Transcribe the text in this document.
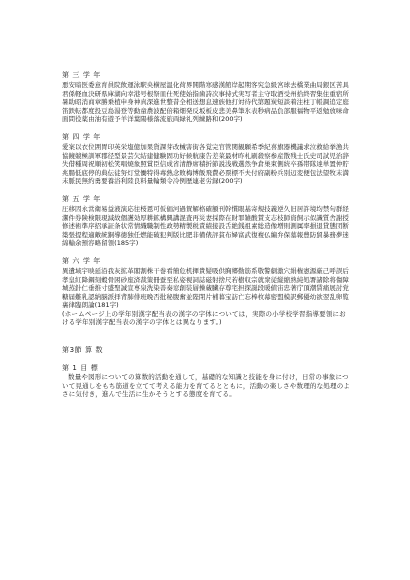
第 三 学 年

悪安暗医委意育員院飲運泳駅央横屋温化荷界開階寒感漢館岸起期客究急級宮球去橋業曲局銀区苦具君係軽血決研県庫湖向幸港号根祭皿仕死使始指歯詩次事持式実写者主守取酒受州拾終習集住重宿所暑助昭消商章勝乗植申身神真深進世整昔全相送想息速族他打対待代第題炭短談着注柱丁帳調追定庭笛鉄転都度投豆島湯登等動童農波配倍箱畑発反坂板皮悲美鼻筆氷表秒病品負部服福物平返勉放味命面問役薬由油有遊予羊洋葉陽様落流旅両緑礼列練路和(200字)

第 四 学 年

愛案以衣位囲胃印英栄塩億加果貨課芽改械害街各覚完官管関観願希季紀喜旗器機議求泣救給挙漁共協鏡競極訓軍郡径型景芸欠結建健験固功好候航康告差菜最材昨札刷殺察参産散残士氏史司試児治辞失借種周祝順初松笑唱焼象照賞臣信成省清静席積折節説浅戦選然争倉巣束側続卒孫帯隊達単置仲貯兆腸低底停的典伝徒努灯堂働特得毒熱念敗梅博飯飛費必票標不夫付府副粉兵別辺変便包法望牧末満未脈民無約勇要養浴利陸良料量輪類令冷例歴連老労録(200字)

第 五 学 年

圧移因永営衛易益液演応往桜恩可仮価河過賀解格確額刊幹慣眼基寄規技義逆久旧居許境均禁句群経潔件券険検限現減故個護効厚耕鉱構興講混査再災妻採際在財罪雑酸賛支志枝師資飼示似識質舎謝授修述術準序招承証条状常情織職制性政勢精製税責績接設舌絶銭祖素総造像増則測属率損退貸態団断築張提程適敵統銅導徳独任燃能破犯判版比肥非備俵評貧布婦富武復複仏編弁保墓報豊防貿暴務夢迷綿輸余預容略留領(185字)

第 六 学 年

異遺域宇映延沿我灰拡革閣割株干巻看簡危机揮貴疑吸供胸郷勤筋系敬警劇激穴絹権憲源厳己呼誤后孝皇紅降鋼刻穀骨困砂座済裁策冊蚕至私姿視詞誌磁射捨尺若樹収宗就衆従縦縮熟純処署諸除将傷障城蒸針仁垂推寸盛聖誠宣専泉洗染善奏窓創装層操蔵臓存尊宅担探誕段暖値宙忠著庁頂潮賃痛展討党糖届難乳認納脳派拝背肺俳班晩否批秘腹奮並陛閉片補暮宝訪亡忘棒枚幕密盟模訳郵優幼欲翌乱卵覧裏律臨朗論(181字)

(ホームページ上の学年別漢字配当表の漢字の字体については，実際の小学校学習指導要領における学年別漢字配当表の漢字の字体とは異なります。)

第3節 算 数

第 1 目 標

数量や図形についての算数的活動を通して，基礎的な知識と技能を身に付け，日常の事象について見通しをもち筋道を立てて考える能力を育てるとともに，活動の楽しさや数理的な処理のよさに気付き，進んで生活に生かそうとする態度を育てる。
